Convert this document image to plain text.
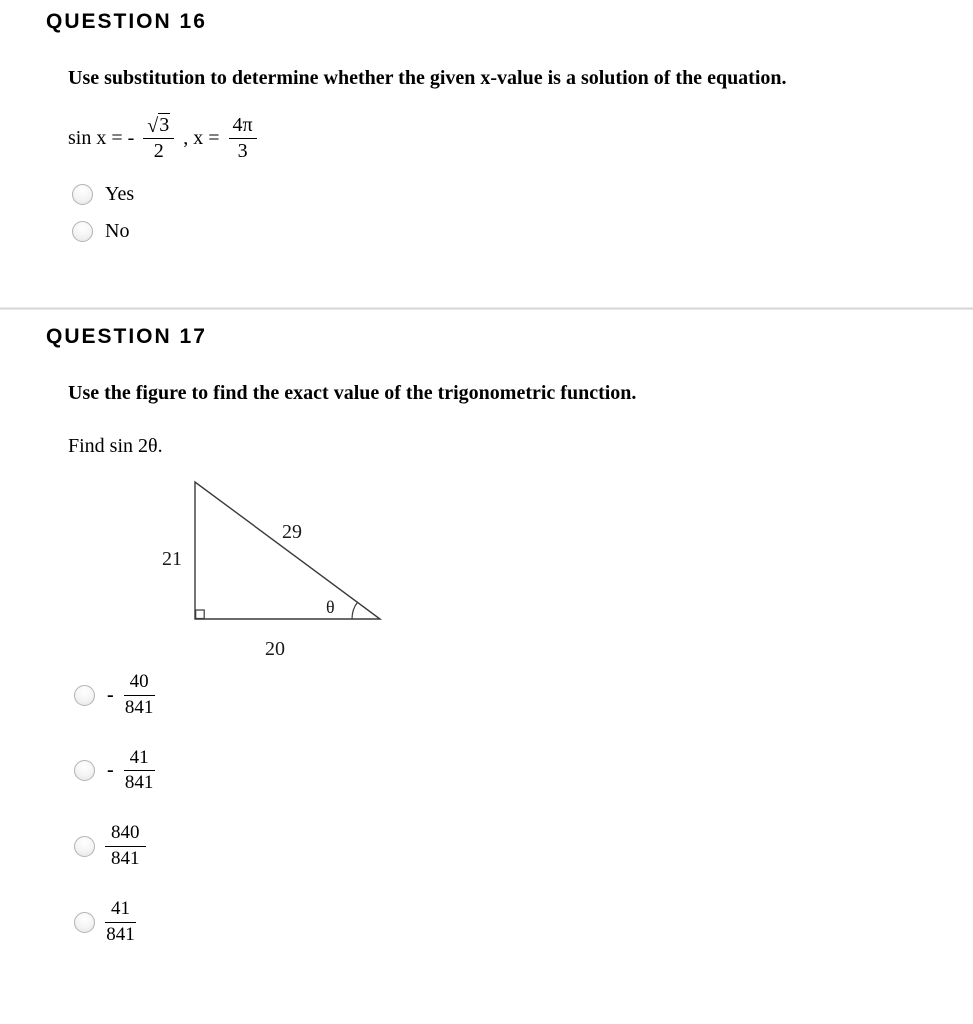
QUESTION 16
Use substitution to determine whether the given x-value is a solution of the equation.
sin x = - $\frac{√3}{2}$ , $x = \frac{4\pi}{3}$
Yes
No
QUESTION 17
Use the figure to find the exact value of the trigonometric function.
Find sin 2θ.
21
29
20
θ
- $\frac{40}{841}$
- $\frac{41}{841}$
$\frac{840}{841}$
$\frac{41}{841}$
